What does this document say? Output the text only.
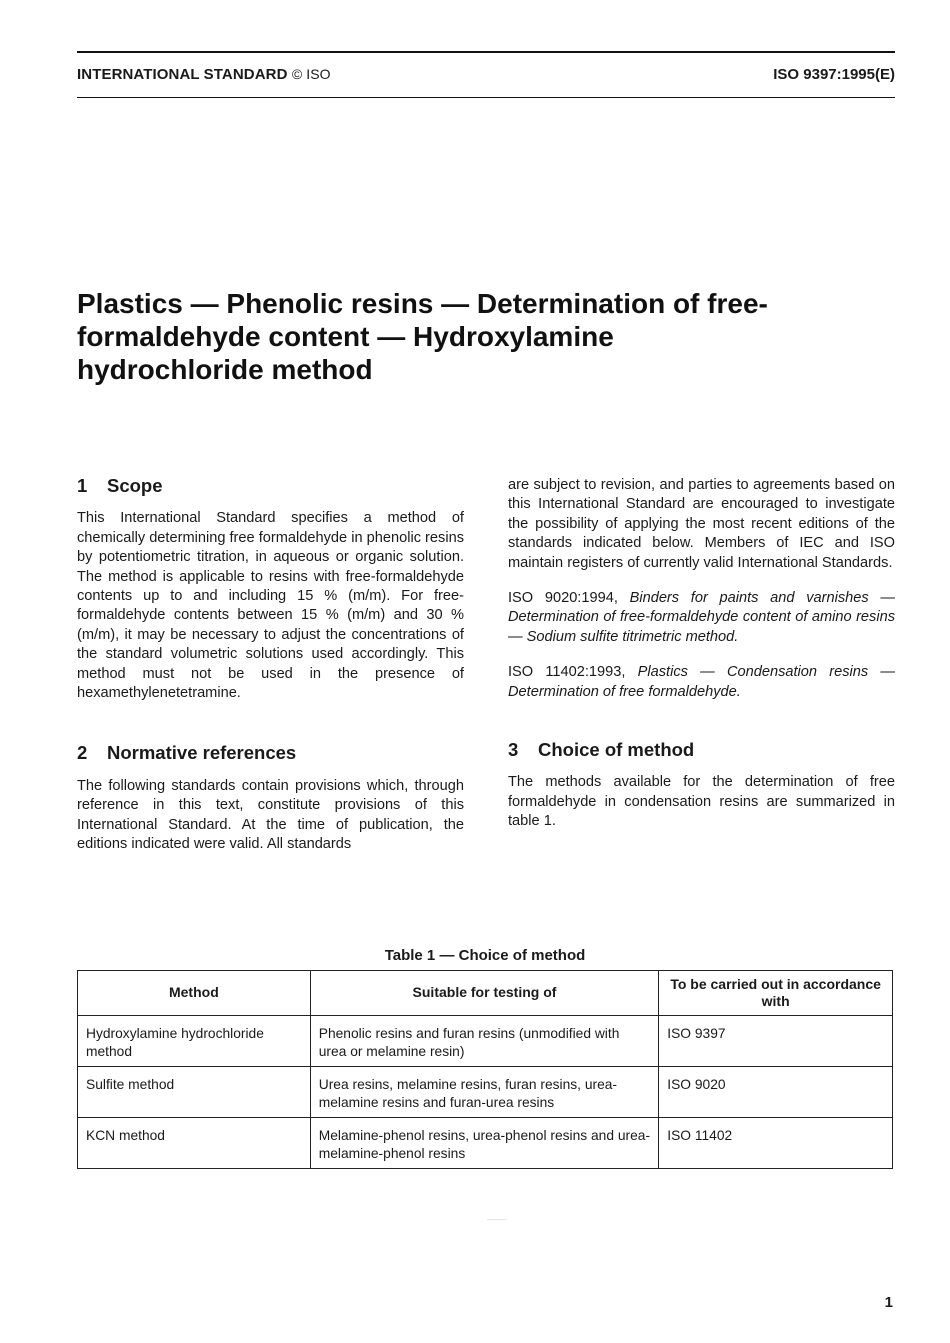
INTERNATIONAL STANDARD © ISO	ISO 9397:1995(E)
Plastics — Phenolic resins — Determination of free-formaldehyde content — Hydroxylamine hydrochloride method
1 Scope

This International Standard specifies a method of chemically determining free formaldehyde in phenolic resins by potentiometric titration, in aqueous or organic solution. The method is applicable to resins with free-formaldehyde contents up to and including 15 % (m/m). For free-formaldehyde contents between 15 % (m/m) and 30 % (m/m), it may be necessary to adjust the concentrations of the standard volumetric solutions used accordingly. This method must not be used in the presence of hexamethylenetetramine.

2 Normative references

The following standards contain provisions which, through reference in this text, constitute provisions of this International Standard. At the time of publication, the editions indicated were valid. All standards

are subject to revision, and parties to agreements based on this International Standard are encouraged to investigate the possibility of applying the most recent editions of the standards indicated below. Members of IEC and ISO maintain registers of currently valid International Standards.

ISO 9020:1994, Binders for paints and varnishes — Determination of free-formaldehyde content of amino resins — Sodium sulfite titrimetric method.

ISO 11402:1993, Plastics — Condensation resins — Determination of free formaldehyde.

3 Choice of method

The methods available for the determination of free formaldehyde in condensation resins are summarized in table 1.

Table 1 — Choice of method
Method	Suitable for testing of	To be carried out in accordance with
Hydroxylamine hydrochloride method	Phenolic resins and furan resins (unmodified with urea or melamine resin)	ISO 9397
Sulfite method	Urea resins, melamine resins, furan resins, urea-melamine resins and furan-urea resins	ISO 9020
KCN method	Melamine-phenol resins, urea-phenol resins and urea-melamine-phenol resins	ISO 11402
1
